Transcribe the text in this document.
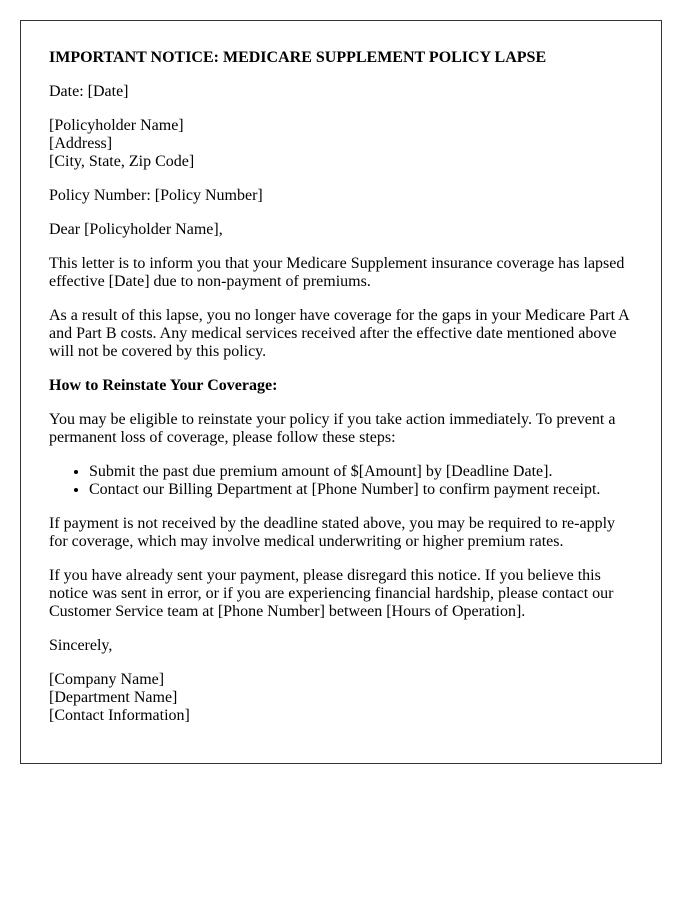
IMPORTANT NOTICE: MEDICARE SUPPLEMENT POLICY LAPSE

Date: [Date]

[Policyholder Name]
[Address]
[City, State, Zip Code]

Policy Number: [Policy Number]

Dear [Policyholder Name],

This letter is to inform you that your Medicare Supplement insurance coverage has lapsed effective [Date] due to non-payment of premiums.

As a result of this lapse, you no longer have coverage for the gaps in your Medicare Part A and Part B costs. Any medical services received after the effective date mentioned above will not be covered by this policy.

How to Reinstate Your Coverage:

You may be eligible to reinstate your policy if you take action immediately. To prevent a permanent loss of coverage, please follow these steps:

• Submit the past due premium amount of $[Amount] by [Deadline Date].
• Contact our Billing Department at [Phone Number] to confirm payment receipt.

If payment is not received by the deadline stated above, you may be required to re-apply for coverage, which may involve medical underwriting or higher premium rates.

If you have already sent your payment, please disregard this notice. If you believe this notice was sent in error, or if you are experiencing financial hardship, please contact our Customer Service team at [Phone Number] between [Hours of Operation].

Sincerely,

[Company Name]
[Department Name]
[Contact Information]
